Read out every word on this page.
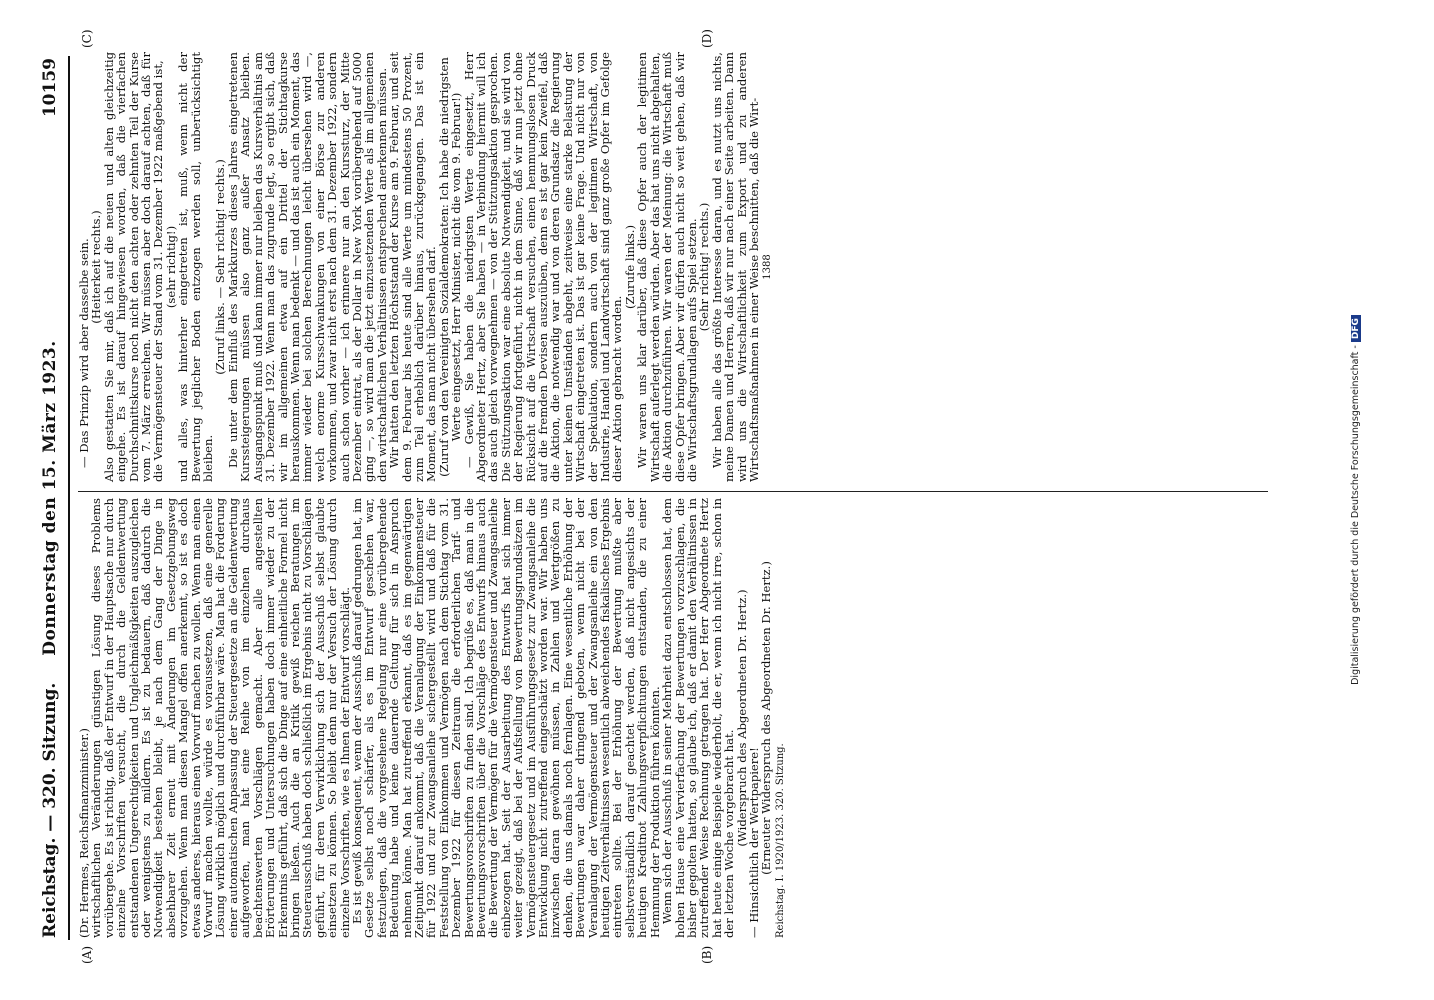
Reichstag. — 320. Sitzung.
Donnerstag den 15. März 1923.
10159
(A)	(B)
(C)	(D)

(Dr. Hermes, Reichsfinanzminister.)

wirtschaftlichen Veränderungen günstigen Lösung dieses Problems vorübergehe. Es ist richtig, daß der Entwurf in der Hauptsache nur durch einzelne Vorschriften versucht, die durch die Geldentwertung entstandenen Ungerechtigkeiten und Ungleichmäßigkeiten auszugleichen oder wenigstens zu mildern. Es ist zu bedauern, daß dadurch die Notwendigkeit bestehen bleibt, je nach dem Gang der Dinge in absehbarer Zeit erneut mit Änderungen im Gesetzgebungsweg vorzugehen. Wenn man diesen Mangel offen anerkennt, so ist es doch etwas anderes, hieraus einen Vorwurf machen zu wollen. Wenn man einen Vorwurf machen wollte, würde es voraussetzen, daß eine generelle Lösung wirklich möglich und durchführbar wäre. Man hat die Forderung einer automatischen Anpassung der Steuergesetze an die Geldentwertung aufgeworfen, man hat eine Reihe von im einzelnen durchaus beachtenswerten Vorschlägen gemacht. Aber alle angestellten Erörterungen und Untersuchungen haben doch immer wieder zu der Erkenntnis geführt, daß sich die Dinge auf eine einheitliche Formel nicht bringen ließen. Auch die an Kritik gewiß reichen Beratungen im Steuerausschuß haben doch schließlich im Ergebnis nicht zu Vorschlägen geführt, für deren Verwirklichung sich der Ausschuß selbst glaubte einsetzen zu können. So bleibt denn nur der Versuch der Lösung durch einzelne Vorschriften, wie es Ihnen der Entwurf vorschlägt.

Es ist gewiß konsequent, wenn der Ausschuß darauf gedrungen hat, im Gesetze selbst noch schärfer, als es im Entwurf geschehen war, festzulegen, daß die vorgesehene Regelung nur eine vorübergehende Bedeutung habe und keine dauernde Geltung für sich in Anspruch nehmen könne. Man hat zutreffend erkannt, daß es im gegenwärtigen Zeitpunkt darauf ankommt, daß die Veranlagung der Einkommensteuer für 1922 und zur Zwangsanleihe sichergestellt wird und daß für die Feststellung von Einkommen und Vermögen nach dem Stichtag vom 31. Dezember 1922 für diesen Zeitraum die erforderlichen Tarif- und Bewertungsvorschriften zu finden sind. Ich begrüße es, daß man in die Bewertungsvorschriften über die Vorschläge des Entwurfs hinaus auch die Bewertung der Vermögen für die Vermögensteuer und Zwangsanleihe einbezogen hat. Seit der Ausarbeitung des Entwurfs hat sich immer weiter gezeigt, daß bei der Aufstellung von Bewertungsgrundsätzen im Vermögensteuergesetz und im Ausführungsgesetz zur Zwangsanleihe die Entwicklung nicht zutreffend eingeschätzt worden war. Wir haben uns inzwischen daran gewöhnen müssen, in Zahlen und Wertgrößen zu denken, die uns damals noch fernlagen. Eine wesentliche Erhöhung der Bewertungen war daher dringend geboten, wenn nicht bei der Veranlagung der Vermögensteuer und der Zwangsanleihe ein von den heutigen Zeitverhältnissen wesentlich abweichendes fiskalisches Ergebnis eintreten sollte. Bei der Erhöhung der Bewertung mußte aber selbstverständlich darauf geachtet werden, daß nicht angesichts der heutigen Kreditnot Zahlungsverpflichtungen entstanden, die zu einer Hemmung der Produktion führen könnten.

Wenn sich der Ausschuß in seiner Mehrheit dazu entschlossen hat, dem hohen Hause eine Vervierfachung der Bewertungen vorzuschlagen, die bisher gegolten hatten, so glaube ich, daß er damit den Verhältnissen in zutreffender Weise Rechnung getragen hat. Der Herr Abgeordnete Hertz hat heute einige Beispiele wiederholt, die er, wenn ich nicht irre, schon in der letzten Woche vorgebracht hat.

(Widerspruch des Abgeordneten Dr. Hertz.)

— Hinsichtlich der Wertpapiere!

(Erneuter Widerspruch des Abgeordneten Dr. Hertz.) Reichstag. I. 1920/1923. 320. Sitzung.

— Das Prinzip wird aber dasselbe sein.

(Heiterkeit rechts.)

Also gestatten Sie mir, daß ich auf die neuen und alten gleichzeitig eingehe. Es ist darauf hingewiesen worden, daß die vierfachen Durchschnittskurse noch nicht den achten oder zehnten Teil der Kurse vom 7. März erreichen. Wir müssen aber doch darauf achten, daß für die Vermögensteuer der Stand vom 31. Dezember 1922 maßgebend ist,

(sehr richtig!)

und alles, was hinterher eingetreten ist, muß, wenn nicht der Bewertung jeglicher Boden entzogen werden soll, unberücksichtigt bleiben.

(Zuruf links. — Sehr richtig! rechts.)

Die unter dem Einfluß des Markkurzes dieses Jahres eingetretenen Kurssteigerungen müssen also ganz außer Ansatz bleiben. Ausgangspunkt muß und kann immer nur bleiben das Kursverhältnis am 31. Dezember 1922. Wenn man das zugrunde legt, so ergibt sich, daß wir im allgemeinen etwa auf ein Drittel der Stichtagkurse herauskommen. Wenn man bedenkt — und das ist auch ein Moment, das immer wieder bei solchen Berechnungen leicht übersehen wird —, welch enorme Kursschwankungen von einer Börse zur anderen vorkommen, und zwar nicht erst nach dem 31. Dezember 1922, sondern auch schon vorher — ich erinnere nur an den Kurssturz, der Mitte Dezember eintrat, als der Dollar in New York vorübergehend auf 5000 ging —, so wird man die jetzt einzusetzenden Werte als im allgemeinen den wirtschaftlichen Verhältnissen entsprechend anerkennen müssen.

Wir hatten den letzten Höchststand der Kurse am 9. Februar, und seit dem 9. Februar bis heute sind alle Werte um mindestens 50 Prozent, zum Teil erheblich darüber hinaus, zurückgegangen. Das ist ein Moment, das man nicht übersehen darf.

(Zuruf von den Vereinigten Sozialdemokraten: Ich habe die niedrigsten Werte eingesetzt, Herr Minister, nicht die vom 9. Februar!)

— Gewiß, Sie haben die niedrigsten Werte eingesetzt, Herr Abgeordneter Hertz, aber Sie haben — in Verbindung hiermit will ich das auch gleich vorwegnehmen — von der Stützungsaktion gesprochen. Die Stützungsaktion war eine absolute Notwendigkeit, und sie wird von der Regierung fortgeführt, nicht in dem Sinne, daß wir nun jetzt ohne Rücksicht auf die Wirtschaft versuchen, einen hemmungslosen Druck auf die fremden Devisen auszuüben, denn es ist gar kein Zweifel, daß die Aktion, die notwendig war und von deren Grundsatz die Regierung unter keinen Umständen abgeht, zeitweise eine starke Belastung der Wirtschaft eingetreten ist. Das ist gar keine Frage. Und nicht nur von der Spekulation, sondern auch von der legitimen Wirtschaft, von Industrie, Handel und Landwirtschaft sind ganz große Opfer im Gefolge dieser Aktion gebracht worden.

(Zurufe links.)

Wir waren uns klar darüber, daß diese Opfer auch der legitimen Wirtschaft auferlegt werden würden. Aber das hat uns nicht abgehalten, die Aktion durchzuführen. Wir waren der Meinung: die Wirtschaft muß diese Opfer bringen. Aber wir dürfen auch nicht so weit gehen, daß wir die Wirtschaftsgrundlagen aufs Spiel setzen.

(Sehr richtig! rechts.)

Wir haben alle das größte Interesse daran, und es nutzt uns nichts, meine Damen und Herren, daß wir nur nach einer Seite arbeiten. Dann wird uns die Wirtschaftlichkeit zum Export und zu anderen Wirtschaftsmaßnahmen in einer Weise beschnitten, daß die Wirt- 1388

Digitalisierung gefördert durch die Deutsche Forschungsgemeinschaft -DFG
